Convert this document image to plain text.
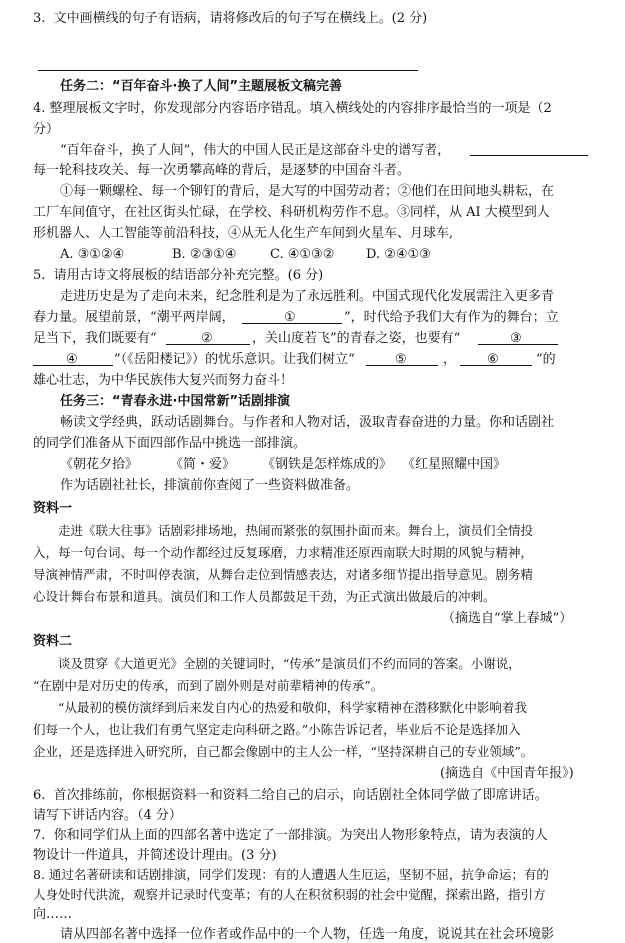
3.  文中画横线的句子有语病，请将修改后的句子写在横线上。(2 分)
任务二：“百年奋斗·换了人间”主题展板文稿完善
4. 整理展板文字时，你发现部分内容语序错乱。填入横线处的内容排序最恰当的一项是（2
分）
“百年奋斗，换了人间”，伟大的中国人民正是这部奋斗史的谱写者，
每一轮科技攻关、每一次勇攀高峰的背后，是逐梦的中国奋斗者。
①每一颗螺栓、每一个铆钉的背后，是大写的中国劳动者；②他们在田间地头耕耘，在
工厂车间值守，在社区街头忙碌，在学校、科研机构劳作不息。③同样，从 AI 大模型到人
形机器人、人工智能等前沿科技，④从无人化生产车间到火星车、月球车,
A. ③①②④	B. ②③①④	C. ④①③② D. ②④①③
5.  请用古诗文将展板的结语部分补充完整。(6 分)
走进历史是为了走向未来，纪念胜利是为了永远胜利。中国式现代化发展需注入更多青
春力量。展望前景，“潮平两岸阔，	①	”，时代给予我们大有作为的舞台；立
足当下，我们既要有“	②	，关山度若飞”的青春之姿，也要有“	③
④	”（《岳阳楼记》）的忧乐意识。让我们树立“	⑤	， ⑥	”的
雄心壮志，为中华民族伟大复兴而努力奋斗！
任务三：“青春永进·中国常新”话剧排演
畅读文学经典，跃动话剧舞台。与作者和人物对话，汲取青春奋进的力量。你和话剧社
的同学们准备从下面四部作品中挑选一部排演。
《朝花夕拾》 《简・爱》 《钢铁是怎样炼成的》 《红星照耀中国》
作为话剧社社长，排演前你查阅了一些资料做准备。
资料一
走进《联大往事》话剧彩排场地，热闹而紧张的氛围扑面而来。舞台上，演员们全情投
入，每一句台词、每一个动作都经过反复琢磨，力求精准还原西南联大时期的风貌与精神，
导演神情严肃，不时叫停表演，从舞台走位到情感表达，对诸多细节提出指导意见。剧务精
心设计舞台布景和道具。演员们和工作人员都鼓足干劲，为正式演出做最后的冲刺。
（摘选自“掌上春城”）
资料二
谈及贯穿《大道更光》全剧的关键词时，“传承”是演员们不约而同的答案。小谢说，
“在剧中是对历史的传承，而到了剧外则是对前辈精神的传承”。
“从最初的模仿演绎到后来发自内心的热爱和敬仰，科学家精神在潜移默化中影响着我
们每一个人，也让我们有勇气坚定走向科研之路。”小陈告诉记者，毕业后不论是选择加入
企业，还是选择进入研究所，自己都会像剧中的主人公一样，“坚持深耕自己的专业领域”。
(摘选自《中国青年报》)
6.  首次排练前，你根据资料一和资料二给自己的启示，向话剧社全体同学做了即席讲话。
请写下讲话内容。（4 分）
7.  你和同学们从上面的四部名著中选定了一部排演。为突出人物形象特点，请为表演的人
物设计一件道具，并简述设计理由。(3 分)
8. 通过名著研读和话剧排演，同学们发现：有的人遭遇人生厄运，坚韧不屈，抗争命运；有的
人身处时代洪流，观察并记录时代变革；有的人在积贫积弱的社会中觉醒，探索出路，指引方
向……
请从四部名著中选择一位作者或作品中的一个人物，任选一角度，说说其在社会环境影
